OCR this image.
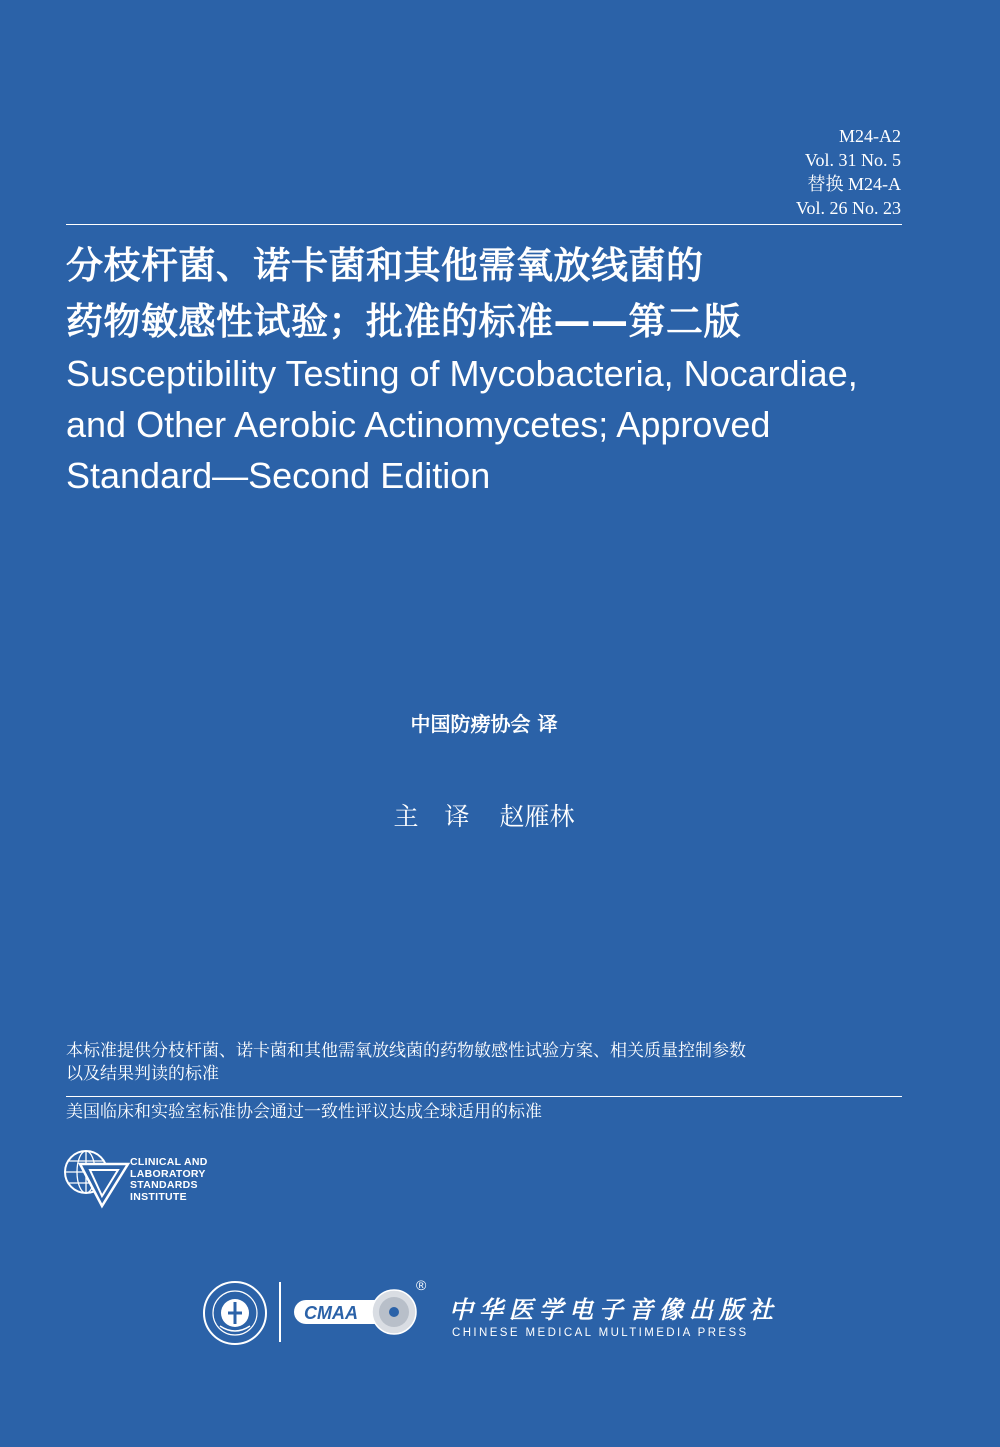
M24-A2
Vol. 31 No. 5
替换 M24-A
Vol. 26 No. 23
分枝杆菌、诺卡菌和其他需氧放线菌的
药物敏感性试验；批准的标准——第二版
Susceptibility Testing of Mycobacteria, Nocardiae,
and Other Aerobic Actinomycetes; Approved
Standard—Second Edition
中国防痨协会 译
主译 赵雁林
本标准提供分枝杆菌、诺卡菌和其他需氧放线菌的药物敏感性试验方案、相关质量控制参数
以及结果判读的标准
美国临床和实验室标准协会通过一致性评议达成全球适用的标准
CLINICAL AND
LABORATORY
STANDARDS
INSTITUTE
CMAA
®
中华医学电子音像出版社
CHINESE MEDICAL MULTIMEDIA PRESS
